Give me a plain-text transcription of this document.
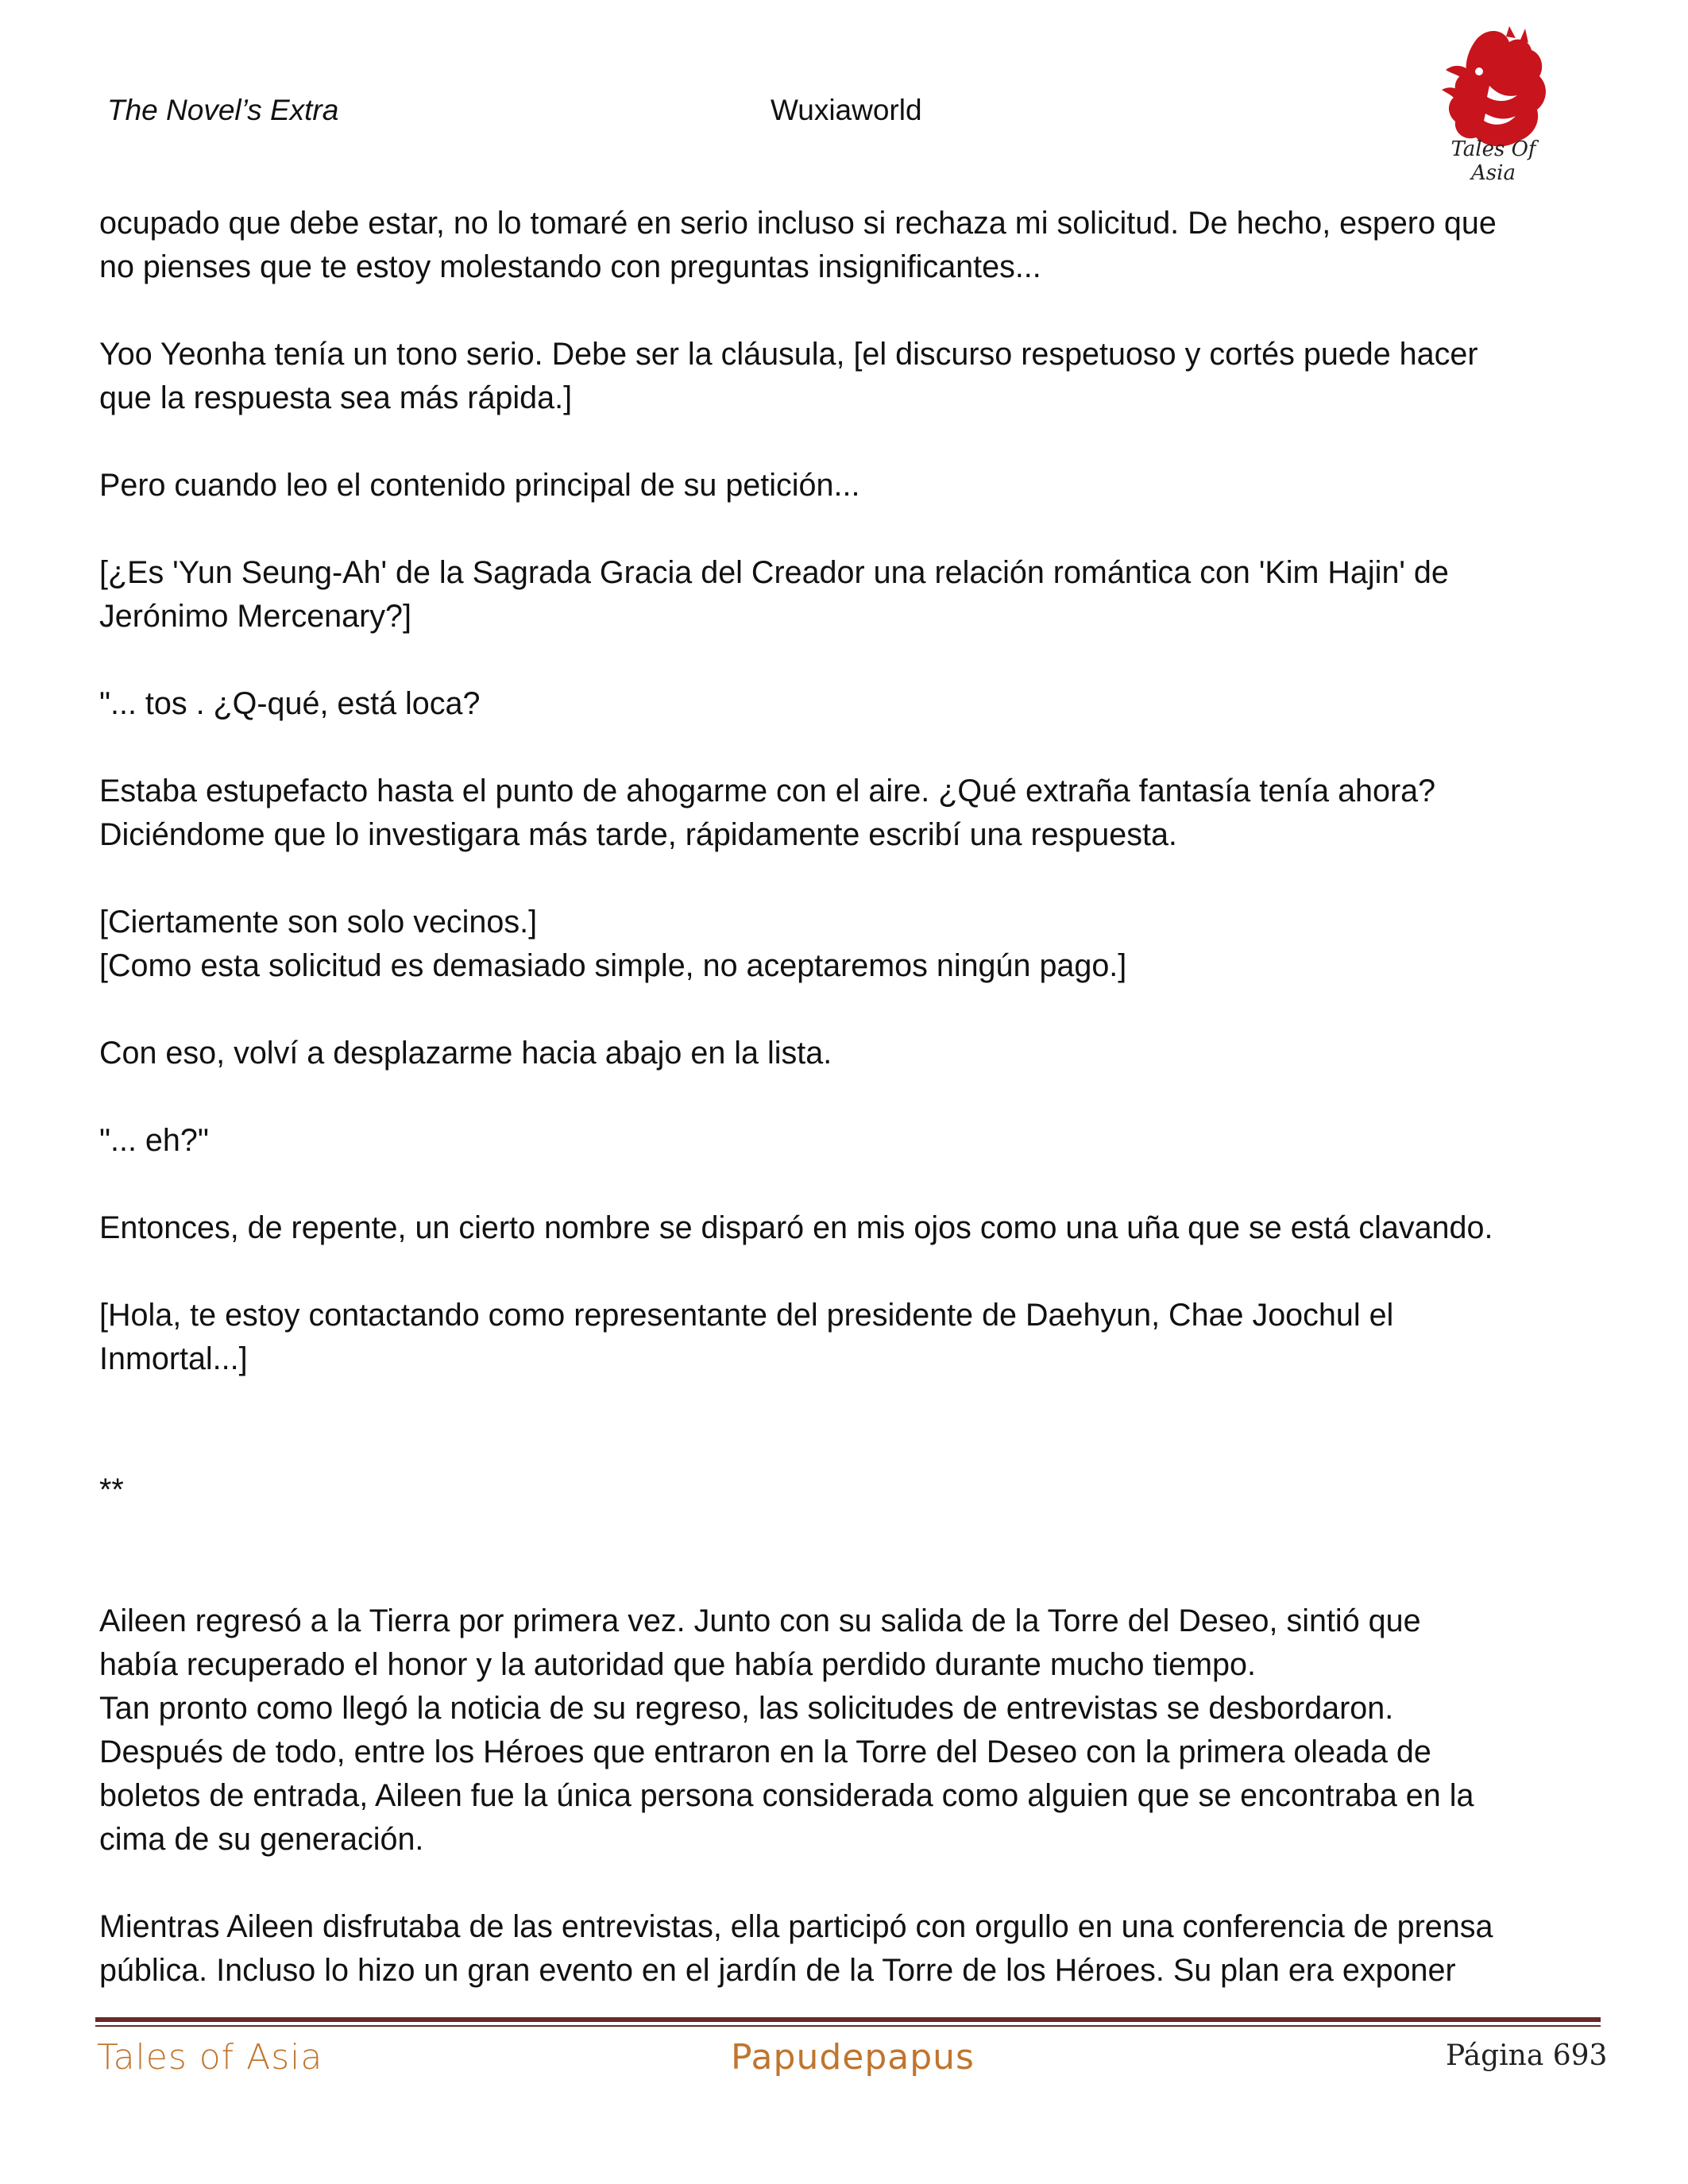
The Novel’s Extra	Wuxiaworld
Tales Of Asia

ocupado que debe estar, no lo tomaré en serio incluso si rechaza mi solicitud. De hecho, espero que
no pienses que te estoy molestando con preguntas insignificantes...

Yoo Yeonha tenía un tono serio. Debe ser la cláusula, [el discurso respetuoso y cortés puede hacer
que la respuesta sea más rápida.]

Pero cuando leo el contenido principal de su petición...

[¿Es 'Yun Seung-Ah' de la Sagrada Gracia del Creador una relación romántica con 'Kim Hajin' de
Jerónimo Mercenary?]

"... tos . ¿Q-qué, está loca?

Estaba estupefacto hasta el punto de ahogarme con el aire. ¿Qué extraña fantasía tenía ahora?
Diciéndome que lo investigara más tarde, rápidamente escribí una respuesta.

[Ciertamente son solo vecinos.]
[Como esta solicitud es demasiado simple, no aceptaremos ningún pago.]

Con eso, volví a desplazarme hacia abajo en la lista.

"... eh?"

Entonces, de repente, un cierto nombre se disparó en mis ojos como una uña que se está clavando.

[Hola, te estoy contactando como representante del presidente de Daehyun, Chae Joochul el
Inmortal...]

**

Aileen regresó a la Tierra por primera vez. Junto con su salida de la Torre del Deseo, sintió que
había recuperado el honor y la autoridad que había perdido durante mucho tiempo.
Tan pronto como llegó la noticia de su regreso, las solicitudes de entrevistas se desbordaron.
Después de todo, entre los Héroes que entraron en la Torre del Deseo con la primera oleada de
boletos de entrada, Aileen fue la única persona considerada como alguien que se encontraba en la
cima de su generación.

Mientras Aileen disfrutaba de las entrevistas, ella participó con orgullo en una conferencia de prensa
pública. Incluso lo hizo un gran evento en el jardín de la Torre de los Héroes. Su plan era exponer

Tales of Asia	Papudepapus	Página 693
